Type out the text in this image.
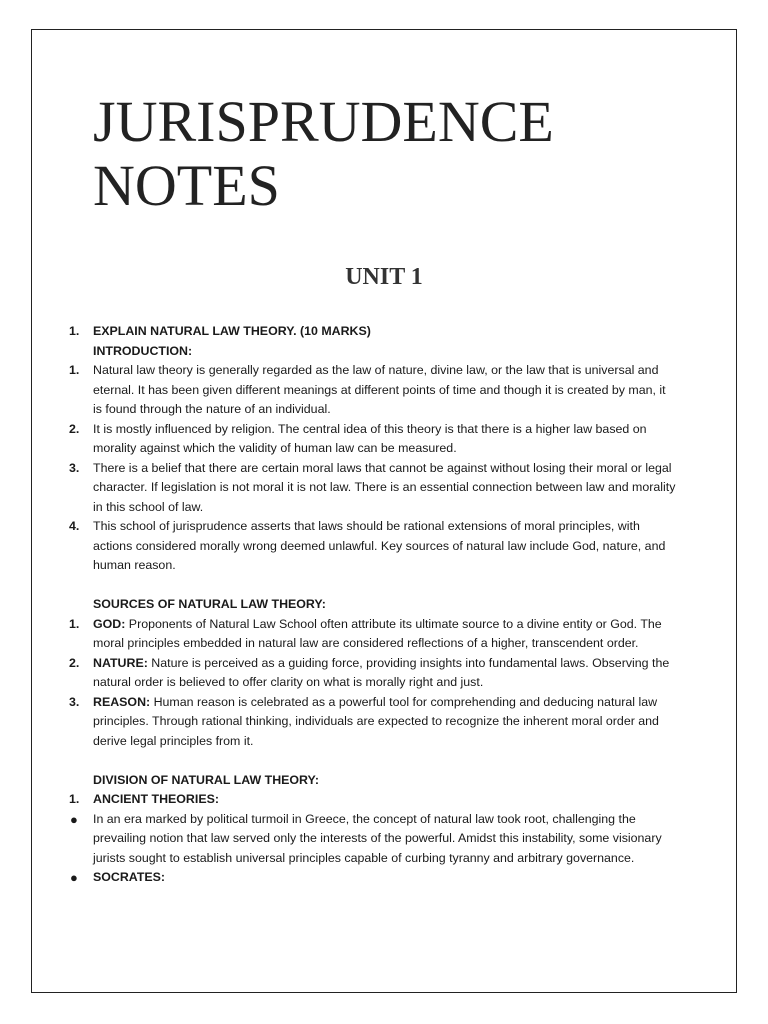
JURISPRUDENCE
NOTES
UNIT 1
1.	EXPLAIN NATURAL LAW THEORY. (10 MARKS)
INTRODUCTION:
1.	Natural law theory is generally regarded as the law of nature, divine law, or the law that is universal and eternal. It has been given different meanings at different points of time and though it is created by man, it is found through the nature of an individual.
2.	It is mostly influenced by religion. The central idea of this theory is that there is a higher law based on morality against which the validity of human law can be measured.
3.	There is a belief that there are certain moral laws that cannot be against without losing their moral or legal character. If legislation is not moral it is not law. There is an essential connection between law and morality in this school of law.
4.	This school of jurisprudence asserts that laws should be rational extensions of moral principles, with actions considered morally wrong deemed unlawful. Key sources of natural law include God, nature, and human reason.
SOURCES OF NATURAL LAW THEORY:
1.	GOD: Proponents of Natural Law School often attribute its ultimate source to a divine entity or God. The moral principles embedded in natural law are considered reflections of a higher, transcendent order.
2.	NATURE: Nature is perceived as a guiding force, providing insights into fundamental laws. Observing the natural order is believed to offer clarity on what is morally right and just.
3.	REASON: Human reason is celebrated as a powerful tool for comprehending and deducing natural law principles. Through rational thinking, individuals are expected to recognize the inherent moral order and derive legal principles from it.
DIVISION OF NATURAL LAW THEORY:
1.	ANCIENT THEORIES:
●	In an era marked by political turmoil in Greece, the concept of natural law took root, challenging the prevailing notion that law served only the interests of the powerful. Amidst this instability, some visionary jurists sought to establish universal principles capable of curbing tyranny and arbitrary governance.
●	SOCRATES:
